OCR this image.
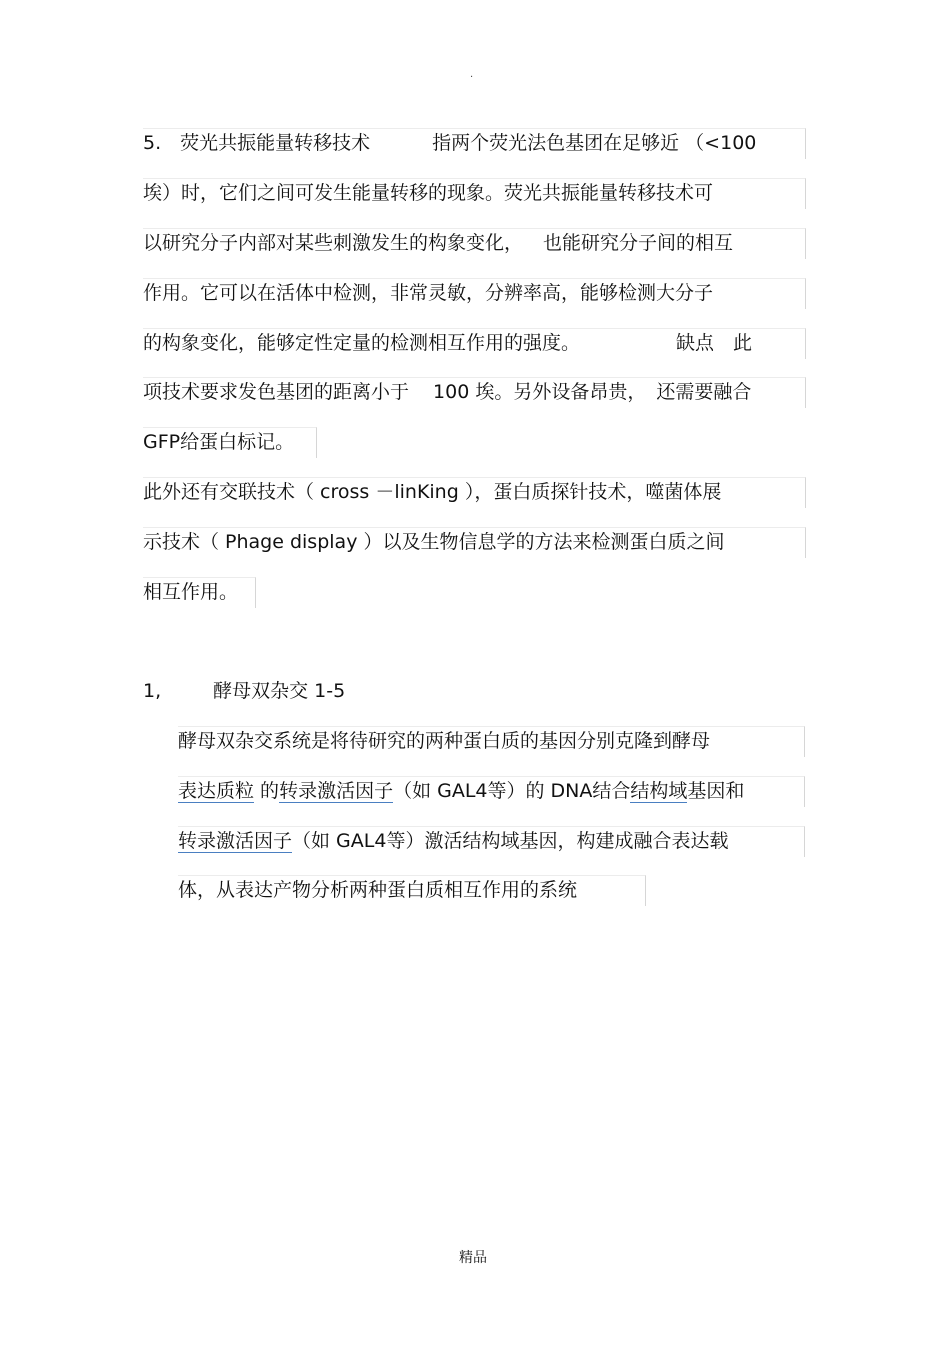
·
5.　荧光共振能量转移技术	指两个荧光法色基团在足够近 （<100
埃）时，它们之间可发生能量转移的现象。荧光共振能量转移技术可
以研究分子内部对某些刺激发生的构象变化， 也能研究分子间的相互
作用。它可以在活体中检测，非常灵敏，分辨率高，能够检测大分子
的构象变化，能够定性定量的检测相互作用的强度。	缺点　此
项技术要求发色基团的距离小于 100 埃。另外设备昂贵， 还需要融合
GFP给蛋白标记。
此外还有交联技术（ cross －linKing ），蛋白质探针技术，噬菌体展
示技术（ Phage display ）以及生物信息学的方法来检测蛋白质之间
相互作用。
1,	酵母双杂交 1-5
酵母双杂交系统是将待研究的两种蛋白质的基因分别克隆到酵母
表达质粒 的转录激活因子（如 GAL4等）的 DNA结合结构域基因和
转录激活因子（如 GAL4等）激活结构域基因，构建成融合表达载
体，从表达产物分析两种蛋白质相互作用的系统
精品
